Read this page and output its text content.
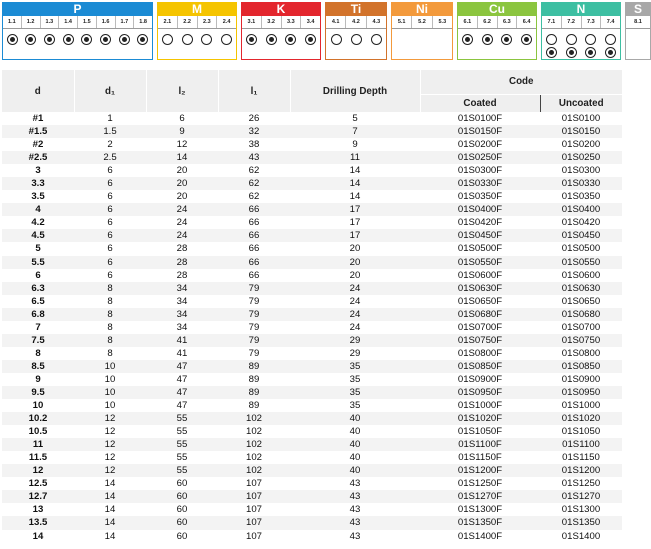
P
1.1	1.2	1.3	1.4	1.5	1.6	1.7	1.8
M
2.1	2.2	2.3	2.4
K
3.1	3.2	3.3	3.4
Ti
4.1	4.2	4.3
Ni
5.1	5.2	5.3
Cu
6.1	6.2	6.3	6.4
N
7.1	7.2	7.3	7.4
S
8.1
d	d₁	l₂	l₁	Drilling Depth	Code	
					Coated	Uncoated
#1	1	6	26	5	01S0100F	01S0100
#1.5	1.5	9	32	7	01S0150F	01S0150
#2	2	12	38	9	01S0200F	01S0200
#2.5	2.5	14	43	11	01S0250F	01S0250
3	6	20	62	14	01S0300F	01S0300
3.3	6	20	62	14	01S0330F	01S0330
3.5	6	20	62	14	01S0350F	01S0350
4	6	24	66	17	01S0400F	01S0400
4.2	6	24	66	17	01S0420F	01S0420
4.5	6	24	66	17	01S0450F	01S0450
5	6	28	66	20	01S0500F	01S0500
5.5	6	28	66	20	01S0550F	01S0550
6	6	28	66	20	01S0600F	01S0600
6.3	8	34	79	24	01S0630F	01S0630
6.5	8	34	79	24	01S0650F	01S0650
6.8	8	34	79	24	01S0680F	01S0680
7	8	34	79	24	01S0700F	01S0700
7.5	8	41	79	29	01S0750F	01S0750
8	8	41	79	29	01S0800F	01S0800
8.5	10	47	89	35	01S0850F	01S0850
9	10	47	89	35	01S0900F	01S0900
9.5	10	47	89	35	01S0950F	01S0950
10	10	47	89	35	01S1000F	01S1000
10.2	12	55	102	40	01S1020F	01S1020
10.5	12	55	102	40	01S1050F	01S1050
11	12	55	102	40	01S1100F	01S1100
11.5	12	55	102	40	01S1150F	01S1150
12	12	55	102	40	01S1200F	01S1200
12.5	14	60	107	43	01S1250F	01S1250
12.7	14	60	107	43	01S1270F	01S1270
13	14	60	107	43	01S1300F	01S1300
13.5	14	60	107	43	01S1350F	01S1350
14	14	60	107	43	01S1400F	01S1400
